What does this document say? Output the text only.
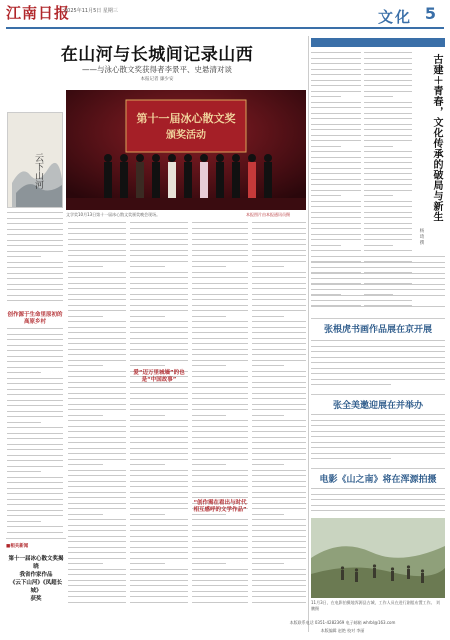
江南日报
2025年11月5日 星期三	文化 5
在山河与长城间记录山西
——与泳心散文奖获得者李景平、史悬清对谈
本报记者 廉少安
云下山河
第十一届冰心散文奖
颁奖活动
文学奖10月13日第十一届冰心散文奖颁奖晚会现场。	本报图片由本报通讯员摄
创作源于生命里原初的高原乡村
爱“迈万里城墙”的也是“中国故事”
“创作需在看出与时代相互感呼的文学作品”
■相关新闻
第十一届冰心散文奖揭晓
我省作家作品
《云下山河》《凤超长城》
获奖
古建＋青春，文化传承的破局与新生
杨 琦 撰
张根虎书画作品展在京开展
张全美邀迎展在并举办
电影《山之南》将在浑源拍摄
11月3日，在电影拍摄地浑源县古城，工作人员在进行剧组布置工作。 刘 鹏摄
本版联系电话 0351-4282369 电子邮箱 whrbl@163.com
本版编辑 赵艳 校对 李丽
